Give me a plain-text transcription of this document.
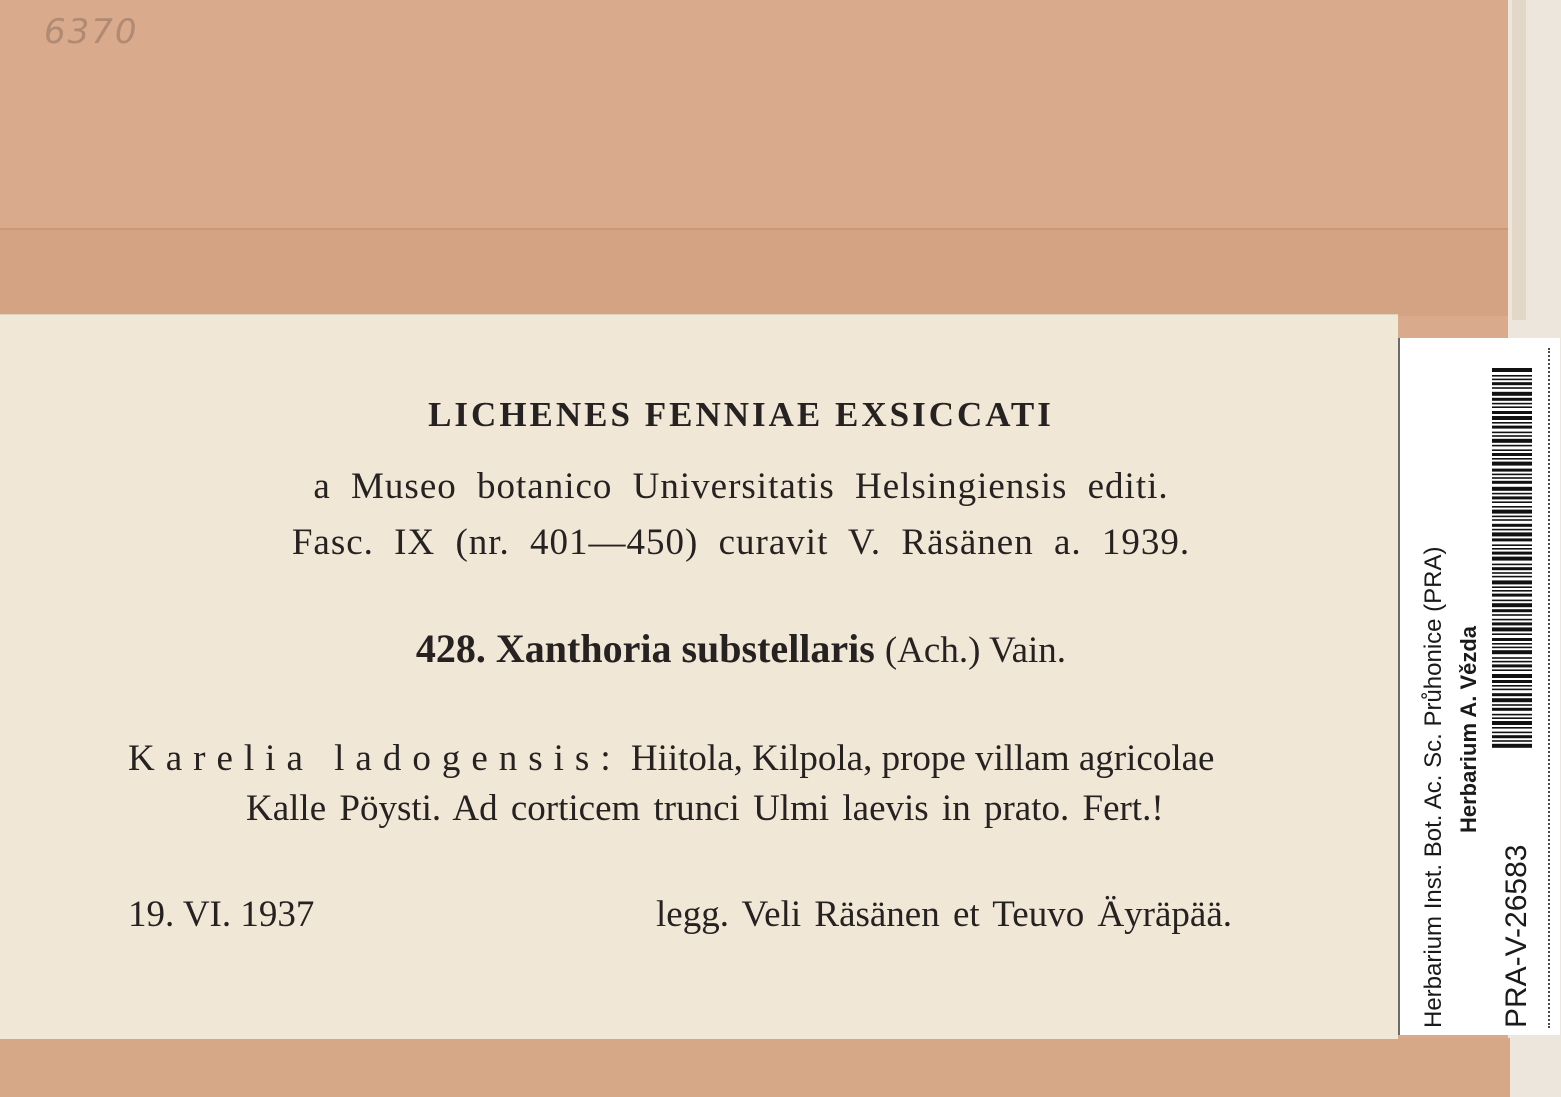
6370
LICHENES FENNIAE EXSICCATI
a Museo botanico Universitatis Helsingiensis editi.
Fasc. IX (nr. 401—450) curavit V. Räsänen a. 1939.
428. Xanthoria substellaris (Ach.) Vain.
Karelia ladogensis: Hiitola, Kilpola, prope villam agricolae
Kalle Pöysti. Ad corticem trunci Ulmi laevis in prato. Fert.!
19. VI. 1937	legg. Veli Räsänen et Teuvo Äyräpää.	Herbarium Inst. Bot. Ac. Sc. Průhonice (PRA) Herbarium A. Vězda
PRA-V-26583
